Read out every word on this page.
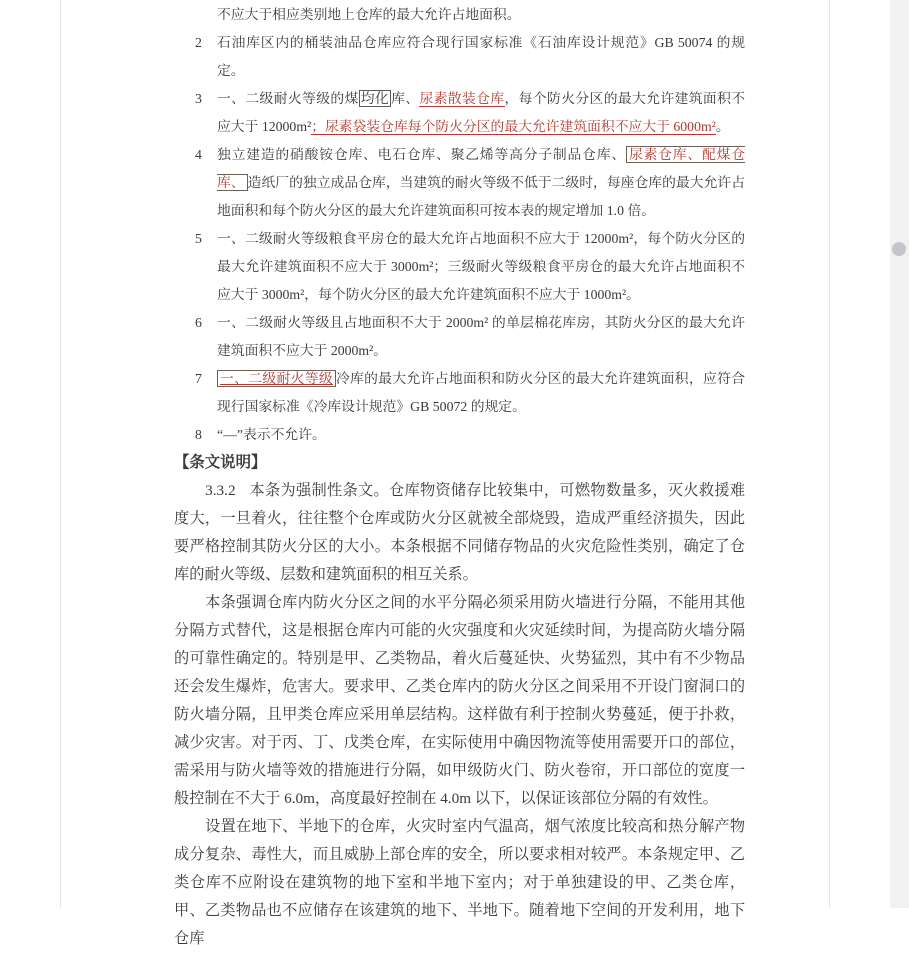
不应大于相应类别地上仓库的最大允许占地面积。
2 石油库区内的桶装油品仓库应符合现行国家标准《石油库设计规范》GB 50074 的规定。
3 一、二级耐火等级的煤 均化 库、尿素散装仓库，每个防火分区的最大允许建筑面积不应大于 12000m²；尿素袋装仓库每个防火分区的最大允许建筑面积不应大于 6000m²。
4 独立建造的硝酸铵仓库、电石仓库、聚乙烯等高分子制品仓库、 尿素仓库、配煤仓库、 造纸厂的独立成品仓库，当建筑的耐火等级不低于二级时，每座仓库的最大允许占地面积和每个防火分区的最大允许建筑面积可按本表的规定增加 1.0 倍。
5 一、二级耐火等级粮食平房仓的最大允许占地面积不应大于 12000m²，每个防火分区的最大允许建筑面积不应大于 3000m²；三级耐火等级粮食平房仓的最大允许占地面积不应大于 3000m²，每个防火分区的最大允许建筑面积不应大于 1000m²。
6 一、二级耐火等级且占地面积不大于 2000m² 的单层棉花库房，其防火分区的最大允许建筑面积不应大于 2000m²。
7 一、二级耐火等级 冷库的最大允许占地面积和防火分区的最大允许建筑面积，应符合现行国家标准《冷库设计规范》GB 50072 的规定。
8 “—”表示不允许。
【条文说明】

3.3.2 本条为强制性条文。仓库物资储存比较集中，可燃物数量多，灭火救援难度大，一旦着火，往往整个仓库或防火分区就被全部烧毁，造成严重经济损失，因此要严格控制其防火分区的大小。本条根据不同储存物品的火灾危险性类别，确定了仓库的耐火等级、层数和建筑面积的相互关系。

本条强调仓库内防火分区之间的水平分隔必须采用防火墙进行分隔，不能用其他分隔方式替代，这是根据仓库内可能的火灾强度和火灾延续时间，为提高防火墙分隔的可靠性确定的。特别是甲、乙类物品，着火后蔓延快、火势猛烈，其中有不少物品还会发生爆炸，危害大。要求甲、乙类仓库内的防火分区之间采用不开设门窗洞口的防火墙分隔，且甲类仓库应采用单层结构。这样做有利于控制火势蔓延，便于扑救，减少灾害。对于丙、丁、戊类仓库，在实际使用中确因物流等使用需要开口的部位，需采用与防火墙等效的措施进行分隔，如甲级防火门、防火卷帘，开口部位的宽度一般控制在不大于 6.0m，高度最好控制在 4.0m 以下，以保证该部位分隔的有效性。

设置在地下、半地下的仓库，火灾时室内气温高，烟气浓度比较高和热分解产物成分复杂、毒性大，而且威胁上部仓库的安全，所以要求相对较严。本条规定甲、乙类仓库不应附设在建筑物的地下室和半地下室内；对于单独建设的甲、乙类仓库，甲、乙类物品也不应储存在该建筑的地下、半地下。随着地下空间的开发利用，地下仓库
